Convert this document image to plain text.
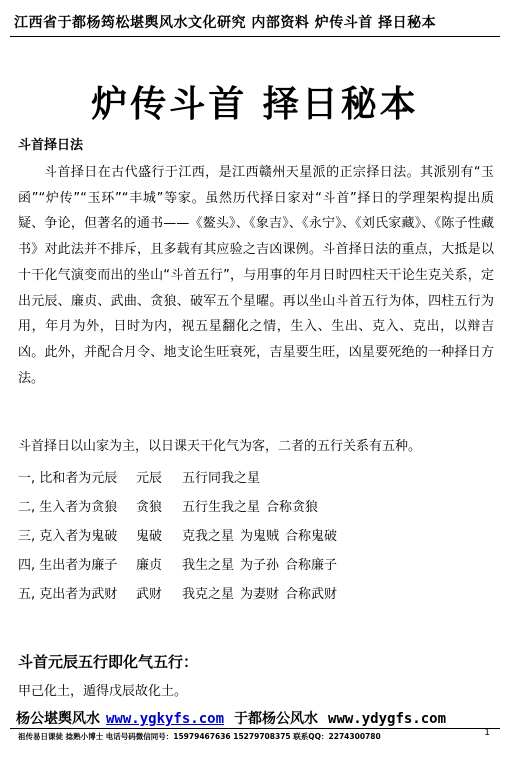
江西省于都杨筠松堪舆风水文化研究 内部资料 炉传斗首 择日秘本
炉传斗首 择日秘本
斗首择日法

斗首择日在古代盛行于江西，是江西赣州天星派的正宗择日法。其派别有“玉函”“炉传”“玉环”“丰城”等家。虽然历代择日家对“斗首”择日的学理架构提出质疑、争论，但著名的通书——《鳌头》、《象吉》、《永宁》、《刘氏家藏》、《陈子性藏书》对此法并不排斥，且多载有其应验之吉凶课例。斗首择日法的重点，大抵是以十干化气演变而出的坐山“斗首五行”，与用事的年月日时四柱天干论生克关系，定出元辰、廉贞、武曲、贪狼、破军五个星曜。再以坐山斗首五行为体，四柱五行为用，年月为外，日时为内，视五星翻化之情，生入、生出、克入、克出，以辩吉凶。此外，并配合月令、地支论生旺衰死，吉星要生旺，凶星要死绝的一种择日方法。

斗首择日以山家为主，以日课天干化气为客，二者的五行关系有五种。
一, 比和者为元辰 元辰 五行同我之星
二, 生入者为贪狼 贪狼 五行生我之星 合称贪狼
三, 克入者为鬼破 鬼破 克我之星 为鬼贼 合称鬼破
四, 生出者为廉子 廉贞 我生之星 为子孙 合称廉子
五, 克出者为武财 武财 我克之星 为妻财 合称武财
斗首元辰五行即化气五行：
甲己化土，遁得戊辰故化土。
杨公堪舆风水 www.ygkyfs.com 于都杨公风水 www.ydygfs.com
祖传易日课徒 捻熟小博士 电话号码微信同号：15979467636 15279708375 联系QQ：2274300780	1
